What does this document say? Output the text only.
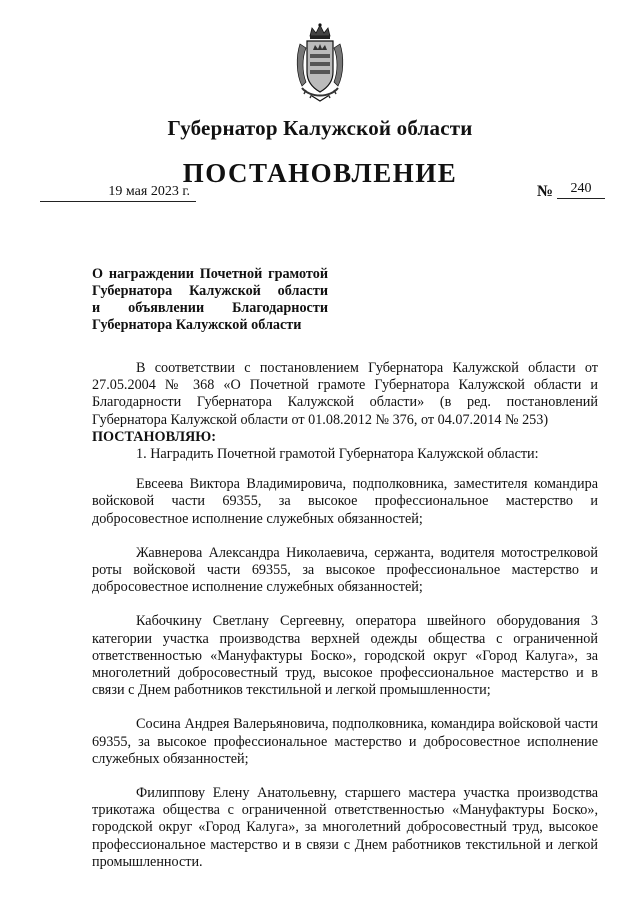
Губернатор Калужской области
ПОСТАНОВЛЕНИЕ
19 мая 2023 г.	№	240
О награждении Почетной грамотой
Губернатора Калужской области
и объявлении Благодарности
Губернатора Калужской области

В соответствии с постановлением Губернатора Калужской области от 27.05.2004 № 368 «О Почетной грамоте Губернатора Калужской области и Благодарности Губернатора Калужской области» (в ред. постановлений Губернатора Калужской области от 01.08.2012 № 376, от 04.07.2014 № 253)

ПОСТАНОВЛЯЮ:

1. Наградить Почетной грамотой Губернатора Калужской области:

Евсеева Виктора Владимировича, подполковника, заместителя командира войсковой части 69355, за высокое профессиональное мастерство и добросовестное исполнение служебных обязанностей;

Жавнерова Александра Николаевича, сержанта, водителя мотострелковой роты войсковой части 69355, за высокое профессиональное мастерство и добросовестное исполнение служебных обязанностей;

Кабочкину Светлану Сергеевну, оператора швейного оборудования 3 категории участка производства верхней одежды общества с ограниченной ответственностью «Мануфактуры Боско», городской округ «Город Калуга», за многолетний добросовестный труд, высокое профессиональное мастерство и в связи с Днем работников текстильной и легкой промышленности;

Сосина Андрея Валерьяновича, подполковника, командира войсковой части 69355, за высокое профессиональное мастерство и добросовестное исполнение служебных обязанностей;

Филиппову Елену Анатольевну, старшего мастера участка производства трикотажа общества с ограниченной ответственностью «Мануфактуры Боско», городской округ «Город Калуга», за многолетний добросовестный труд, высокое профессиональное мастерство и в связи с Днем работников текстильной и легкой промышленности.
